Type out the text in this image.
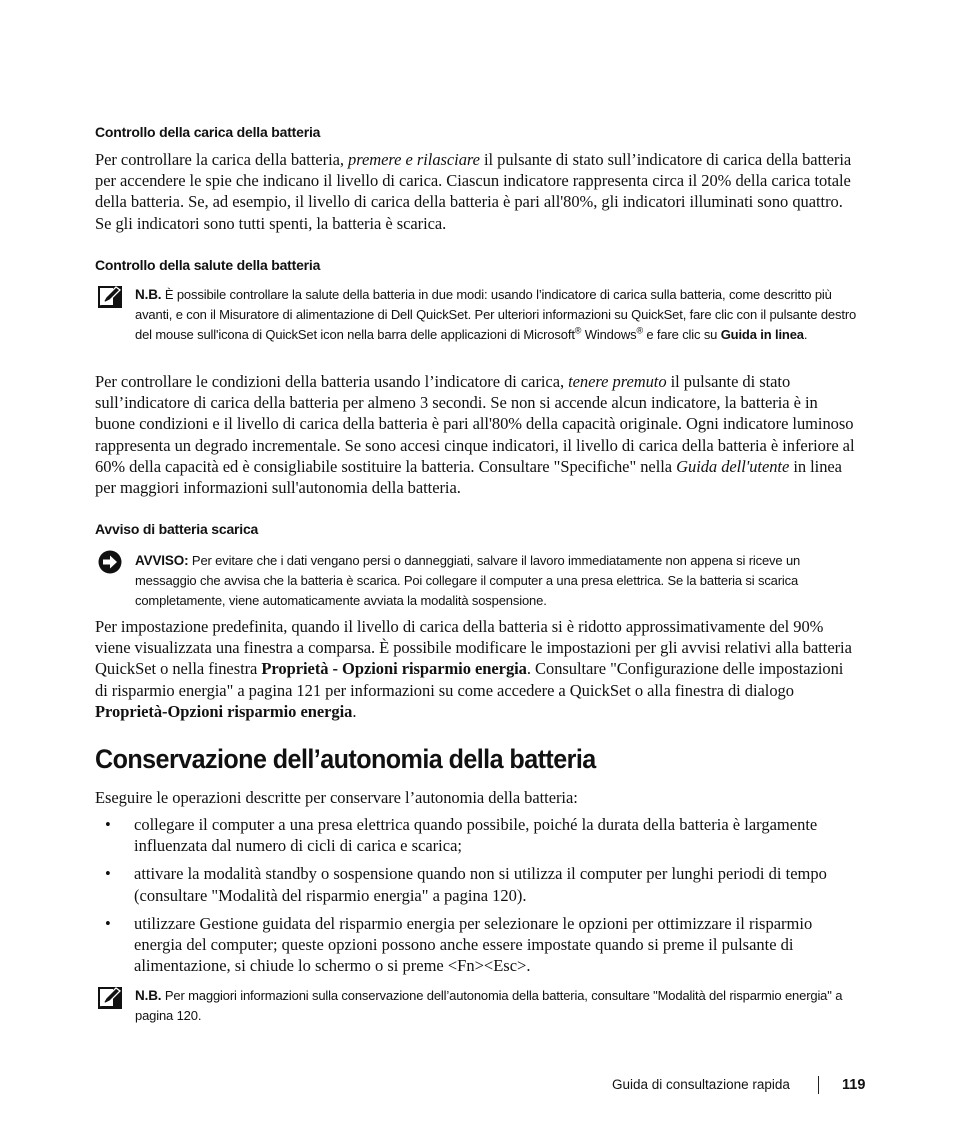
Controllo della carica della batteria
Per controllare la carica della batteria, premere e rilasciare il pulsante di stato sull’indicatore di carica della batteria per accendere le spie che indicano il livello di carica. Ciascun indicatore rappresenta circa il 20% della carica totale della batteria. Se, ad esempio, il livello di carica della batteria è pari all'80%, gli indicatori illuminati sono quattro. Se gli indicatori sono tutti spenti, la batteria è scarica.
Controllo della salute della batteria
N.B. È possibile controllare la salute della batteria in due modi: usando l’indicatore di carica sulla batteria, come descritto più avanti, e con il Misuratore di alimentazione di Dell QuickSet. Per ulteriori informazioni su QuickSet, fare clic con il pulsante destro del mouse sull'icona di QuickSet icon nella barra delle applicazioni di Microsoft® Windows® e fare clic su Guida in linea.
Per controllare le condizioni della batteria usando l’indicatore di carica, tenere premuto il pulsante di stato sull’indicatore di carica della batteria per almeno 3 secondi. Se non si accende alcun indicatore, la batteria è in buone condizioni e il livello di carica della batteria è pari all'80% della capacità originale. Ogni indicatore luminoso rappresenta un degrado incrementale. Se sono accesi cinque indicatori, il livello di carica della batteria è inferiore al 60% della capacità ed è consigliabile sostituire la batteria. Consultare "Specifiche" nella Guida dell'utente in linea per maggiori informazioni sull'autonomia della batteria.
Avviso di batteria scarica
AVVISO: Per evitare che i dati vengano persi o danneggiati, salvare il lavoro immediatamente non appena si riceve un messaggio che avvisa che la batteria è scarica. Poi collegare il computer a una presa elettrica. Se la batteria si scarica completamente, viene automaticamente avviata la modalità sospensione.
Per impostazione predefinita, quando il livello di carica della batteria si è ridotto approssimativamente del 90% viene visualizzata una finestra a comparsa. È possibile modificare le impostazioni per gli avvisi relativi alla batteria QuickSet o nella finestra Proprietà - Opzioni risparmio energia. Consultare "Configurazione delle impostazioni di risparmio energia" a pagina 121 per informazioni su come accedere a QuickSet o alla finestra di dialogo Proprietà-Opzioni risparmio energia.
Conservazione dell’autonomia della batteria
Eseguire le operazioni descritte per conservare l’autonomia della batteria:
• collegare il computer a una presa elettrica quando possibile, poiché la durata della batteria è largamente influenzata dal numero di cicli di carica e scarica;
• attivare la modalità standby o sospensione quando non si utilizza il computer per lunghi periodi di tempo (consultare "Modalità del risparmio energia" a pagina 120).
• utilizzare Gestione guidata del risparmio energia per selezionare le opzioni per ottimizzare il risparmio energia del computer; queste opzioni possono anche essere impostate quando si preme il pulsante di alimentazione, si chiude lo schermo o si preme <Fn><Esc>.
N.B. Per maggiori informazioni sulla conservazione dell’autonomia della batteria, consultare "Modalità del risparmio energia" a pagina 120.
Guida di consultazione rapida	119
